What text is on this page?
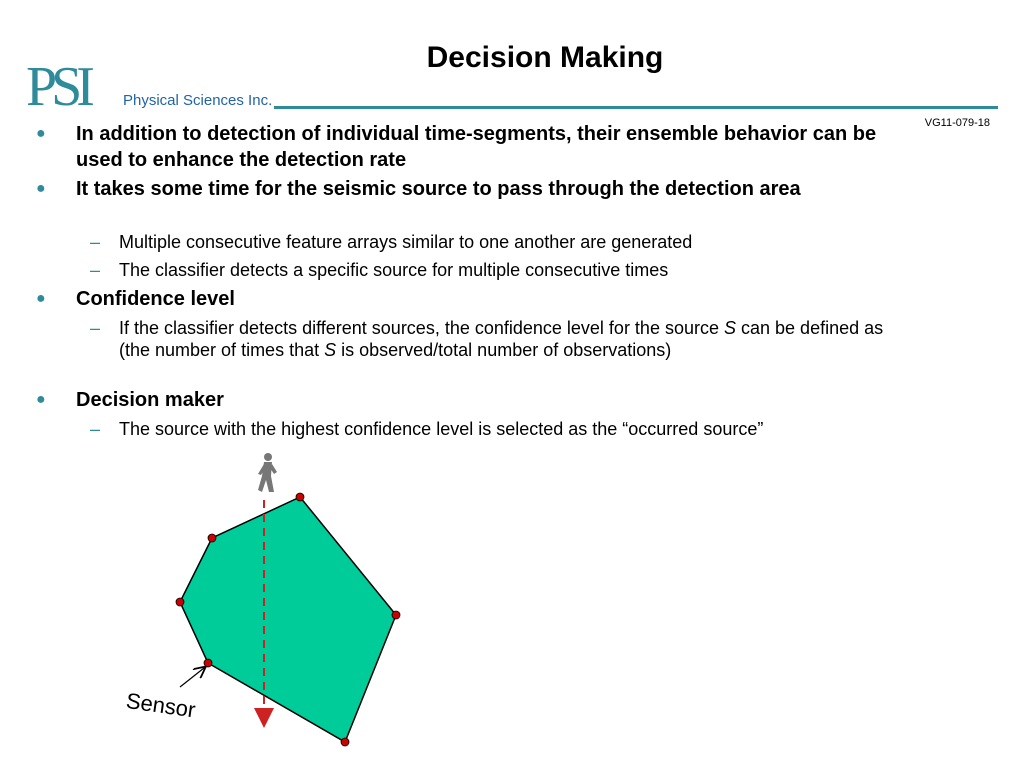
Decision Making
PSI Physical Sciences Inc.
VG11-079-18
● In addition to detection of individual time-segments, their ensemble behavior can be used to enhance the detection rate
● It takes some time for the seismic source to pass through the detection area
– Multiple consecutive feature arrays similar to one another are generated
– The classifier detects a specific source for multiple consecutive times
● Confidence level
– If the classifier detects different sources, the confidence level for the source S can be defined as
(the number of times that S is observed/total number of observations)
● Decision maker
– The source with the highest confidence level is selected as the “occurred source”
Sensor
